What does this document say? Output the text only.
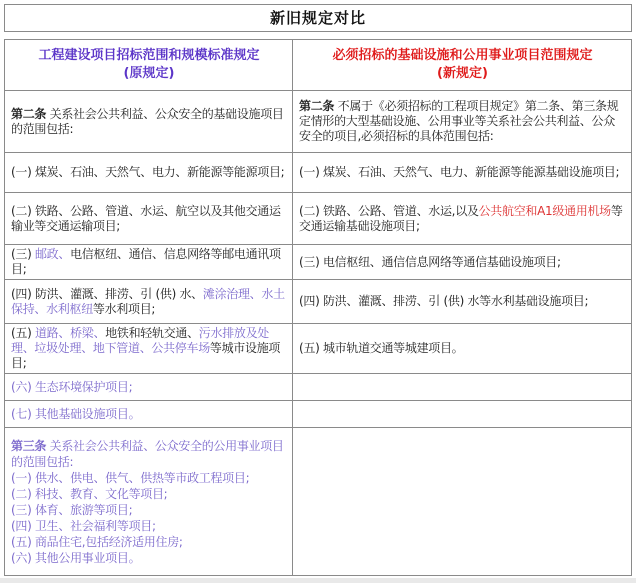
新旧规定对比
工程建设项目招标范围和规模标准规定
(原规定)

必须招标的基础设施和公用事业项目范围规定
(新规定)

第二条 关系社会公共利益、公众安全的基础设施项目的范围包括:	第二条 不属于《必须招标的工程项目规定》第二条、第三条规定情形的大型基础设施、公用事业等关系社会公共利益、公众安全的项目,必须招标的具体范围包括:

(一) 煤炭、石油、天然气、电力、新能源等能源项目;	(一) 煤炭、石油、天然气、电力、新能源等能源基础设施项目;

(二) 铁路、公路、管道、水运、航空以及其他交通运输业等交通运输项目;	(二) 铁路、公路、管道、水运,以及公共航空和A1级通用机场等交通运输基础设施项目;

(三) 邮政、电信枢纽、通信、信息网络等邮电通讯项目;	(三) 电信枢纽、通信信息网络等通信基础设施项目;

(四) 防洪、灌溉、排涝、引 (供) 水、滩涂治理、水土保持、水利枢纽等水利项目;	(四) 防洪、灌溉、排涝、引 (供) 水等水利基础设施项目;

(五) 道路、桥梁、地铁和轻轨交通、污水排放及处理、垃圾处理、地下管道、公共停车场等城市设施项目;	(五) 城市轨道交通等城建项目。

(六) 生态环境保护项目;	

(七) 其他基础设施项目。	

第三条 关系社会公共利益、公众安全的公用事业项目的范围包括:
(一) 供水、供电、供气、供热等市政工程项目;
(二) 科技、教育、文化等项目;
(三) 体育、旅游等项目;
(四) 卫生、社会福利等项目;
(五) 商品住宅,包括经济适用住房;
(六) 其他公用事业项目。
